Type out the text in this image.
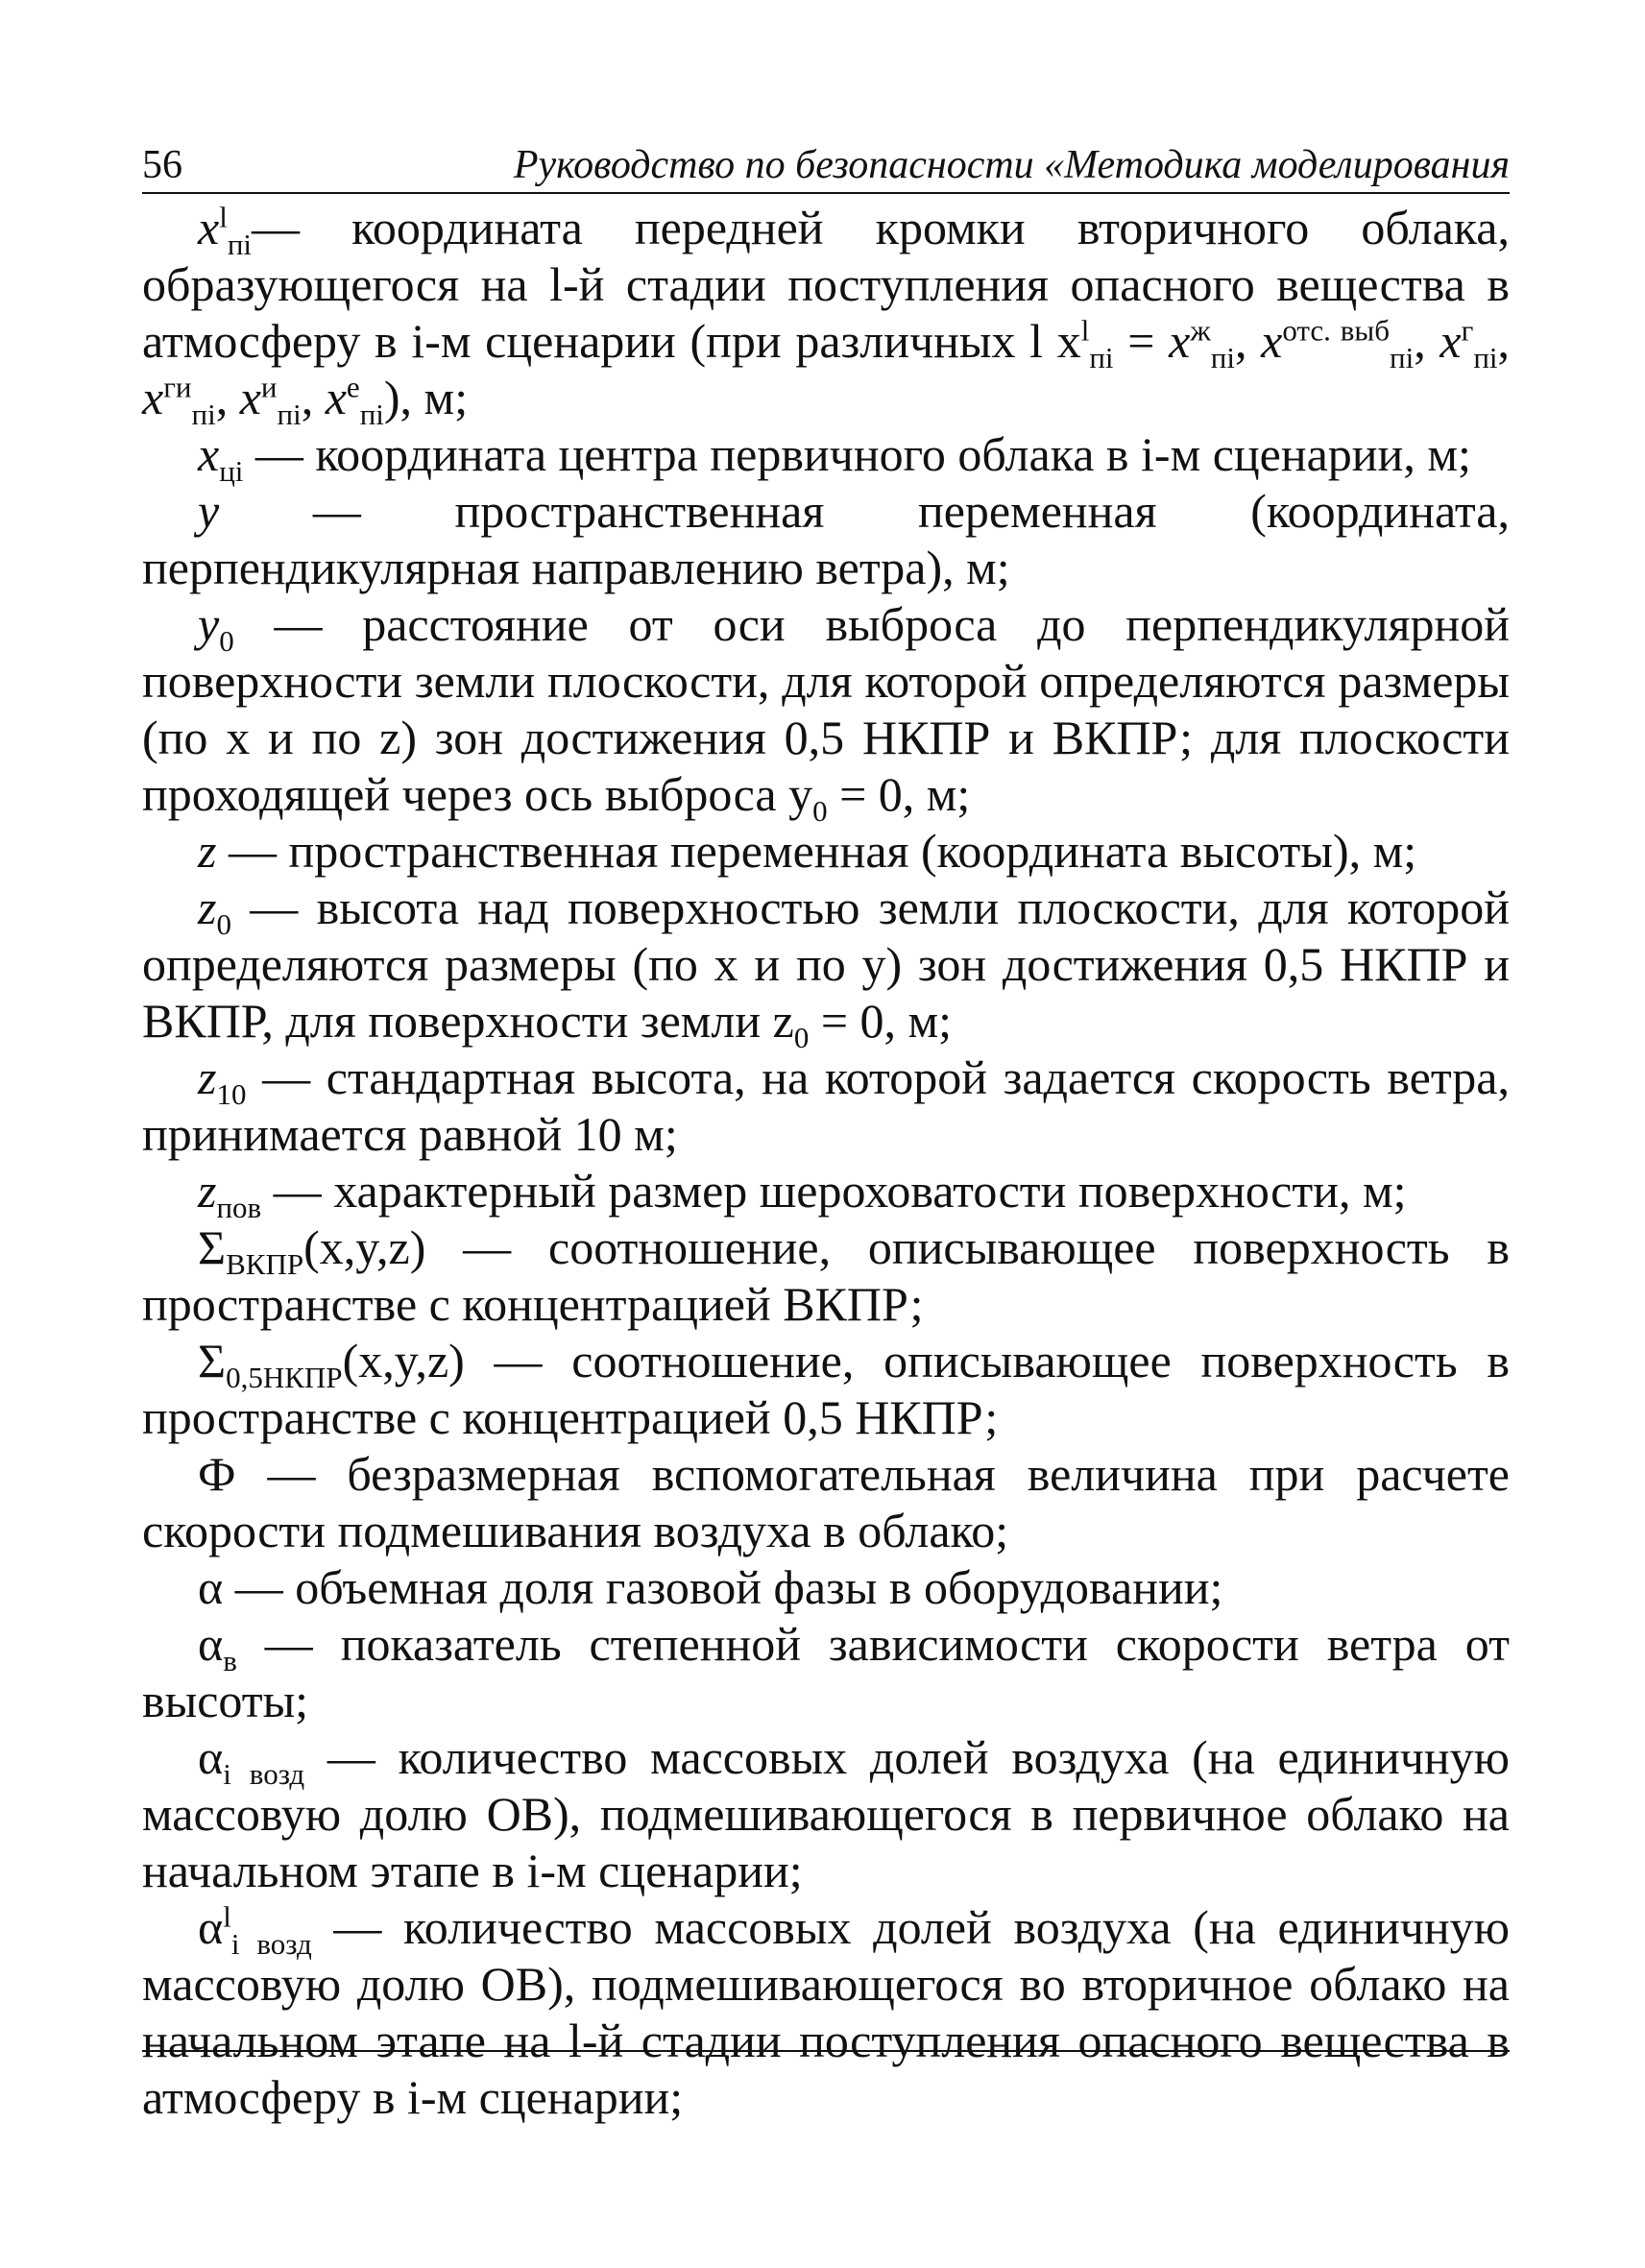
56	Руководство по безопасности «Методика моделирования

$x^l_{пi}—$ координата передней кромки вторичного облака, образующегося на l-й стадии поступления опасного вещества в атмосферу в i-м сценарии (при различных l $x^l_{пi} = x^ж_{пi}$, $x^{отс. выб}_{пi}$, $x^г_{пi}$, $x^{ги}_{пi}$, $x^и_{пi}$, $x^е_{пi}$), м;

$x_{цi}$ — координата центра первичного облака в i-м сценарии, м;

y — пространственная переменная (координата, перпендикулярная направлению ветра), м;

$y_0$ — расстояние от оси выброса до перпендикулярной поверхности земли плоскости, для которой определяются размеры (по x и по z) зон достижения 0,5 НКПР и ВКПР; для плоскости проходящей через ось выброса $y_0 = 0$, м;

z — пространственная переменная (координата высоты), м;

$z_0$ — высота над поверхностью земли плоскости, для которой определяются размеры (по x и по y) зон достижения 0,5 НКПР и ВКПР, для поверхности земли $z_0 = 0$, м;

$z_{10}$ — стандартная высота, на которой задается скорость ветра, принимается равной 10 м;

$z_{пов}$ — характерный размер шероховатости поверхности, м;

$\Sigma_{ВКПР}(x,y,z)$ — соотношение, описывающее поверхность в пространстве с концентрацией ВКПР;

$\Sigma_{0,5НКПР}(x,y,z)$ — соотношение, описывающее поверхность в пространстве с концентрацией 0,5 НКПР;

Ф — безразмерная вспомогательная величина при расчете скорости подмешивания воздуха в облако;

α — объемная доля газовой фазы в оборудовании;

$\alpha_в$ — показатель степенной зависимости скорости ветра от высоты;

$\alpha_{i возд}$ — количество массовых долей воздуха (на единичную массовую долю ОВ), подмешивающегося в первичное облако на начальном этапе в i-м сценарии;

$\alpha^l_{i возд}$ — количество массовых долей воздуха (на единичную массовую долю ОВ), подмешивающегося во вторичное облако на начальном этапе на l-й стадии поступления опасного вещества в атмосферу в i-м сценарии;
